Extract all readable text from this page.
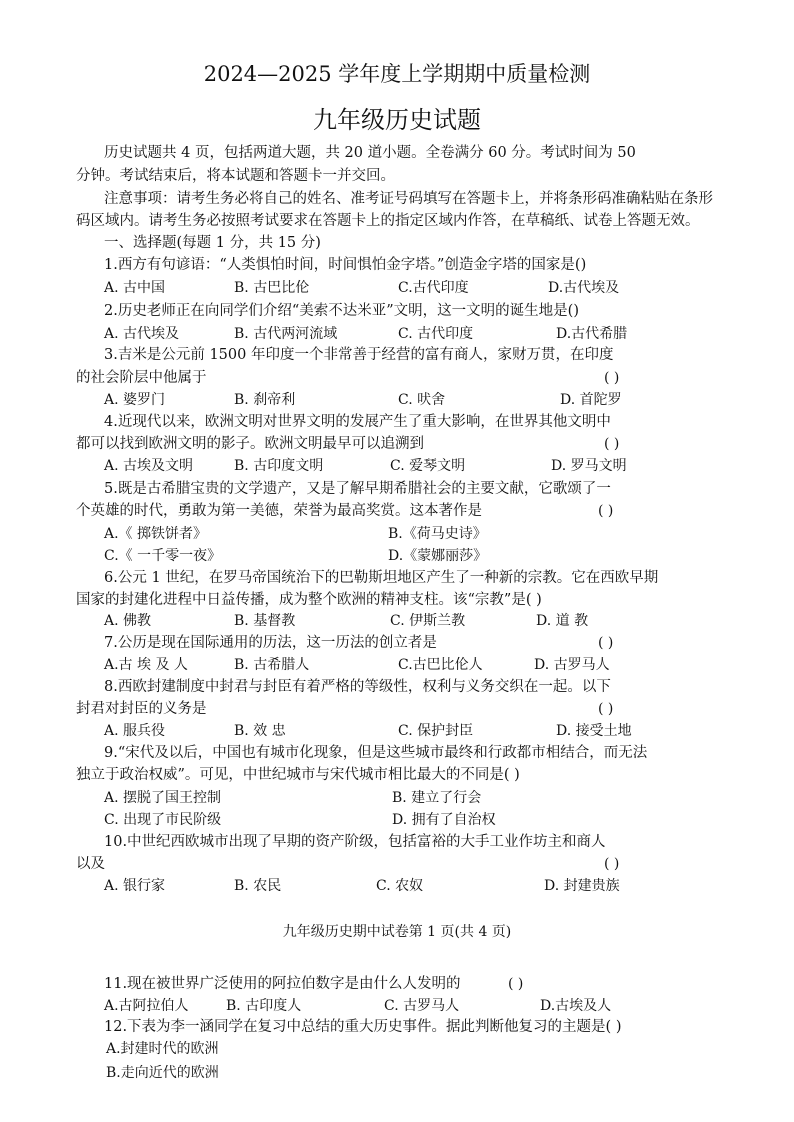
2024—2025 学年度上学期期中质量检测
九年级历史试题
历史试题共 4 页，包括两道大题，共 20 道小题。全卷满分 60 分。考试时间为 50
分钟。考试结束后，将本试题和答题卡一并交回。
注意事项：请考生务必将自己的姓名、准考证号码填写在答题卡上，并将条形码准确粘贴在条形
码区域内。请考生务必按照考试要求在答题卡上的指定区域内作答，在草稿纸、试卷上答题无效。
一、选择题(每题 1 分，共 15 分)
1.西方有句谚语：“人类惧怕时间，时间惧怕金字塔。”创造金字塔的国家是()
A. 古中国	B. 古巴比伦	C.古代印度	D.古代埃及
2.历史老师正在向同学们介绍“美索不达米亚”文明，这一文明的诞生地是()
A. 古代埃及	B. 古代两河流域	C. 古代印度	D.古代希腊
3.吉米是公元前 1500 年印度一个非常善于经营的富有商人，家财万贯，在印度
的社会阶层中他属于	( )
A. 婆罗门	B. 刹帝利	C. 吠舍	D. 首陀罗
4.近现代以来，欧洲文明对世界文明的发展产生了重大影响，在世界其他文明中
都可以找到欧洲文明的影子。欧洲文明最早可以追溯到	( )
A. 古埃及文明	B. 古印度文明	C. 爱琴文明	D. 罗马文明
5.既是古希腊宝贵的文学遗产，又是了解早期希腊社会的主要文献，它歌颂了一
个英雄的时代，勇敢为第一美德，荣誉为最高奖赏。这本著作是	( )
A.《 掷铁饼者》	B.《荷马史诗》
C.《 一千零一夜》	D.《蒙娜丽莎》
6.公元 1 世纪，在罗马帝国统治下的巴勒斯坦地区产生了一种新的宗教。它在西欧早期
国家的封建化进程中日益传播，成为整个欧洲的精神支柱。该“宗教”是( )
A. 佛教	B. 基督教	C. 伊斯兰教	D. 道 教
7.公历是现在国际通用的历法，这一历法的创立者是	( )
A.古 埃 及 人	B. 古希腊人	C.古巴比伦人	D. 古罗马人
8.西欧封建制度中封君与封臣有着严格的等级性，权利与义务交织在一起。以下
封君对封臣的义务是	( )
A. 服兵役	B. 效 忠	C. 保护封臣	D. 接受土地
9.“宋代及以后，中国也有城市化现象，但是这些城市最终和行政都市相结合，而无法
独立于政治权威”。可见，中世纪城市与宋代城市相比最大的不同是( )
A. 摆脱了国王控制	B. 建立了行会
C. 出现了市民阶级	D. 拥有了自治权
10.中世纪西欧城市出现了早期的资产阶级，包括富裕的大手工业作坊主和商人
以及	( )
A. 银行家	B. 农民	C. 农奴	D. 封建贵族
九年级历史期中试卷第 1 页(共 4 页)
11.现在被世界广泛使用的阿拉伯数字是由什么人发明的	( )
A.古阿拉伯人	B. 古印度人	C. 古罗马人	D.古埃及人
12.下表为李一涵同学在复习中总结的重大历史事件。据此判断他复习的主题是( )
A.封建时代的欧洲
B.走向近代的欧洲
